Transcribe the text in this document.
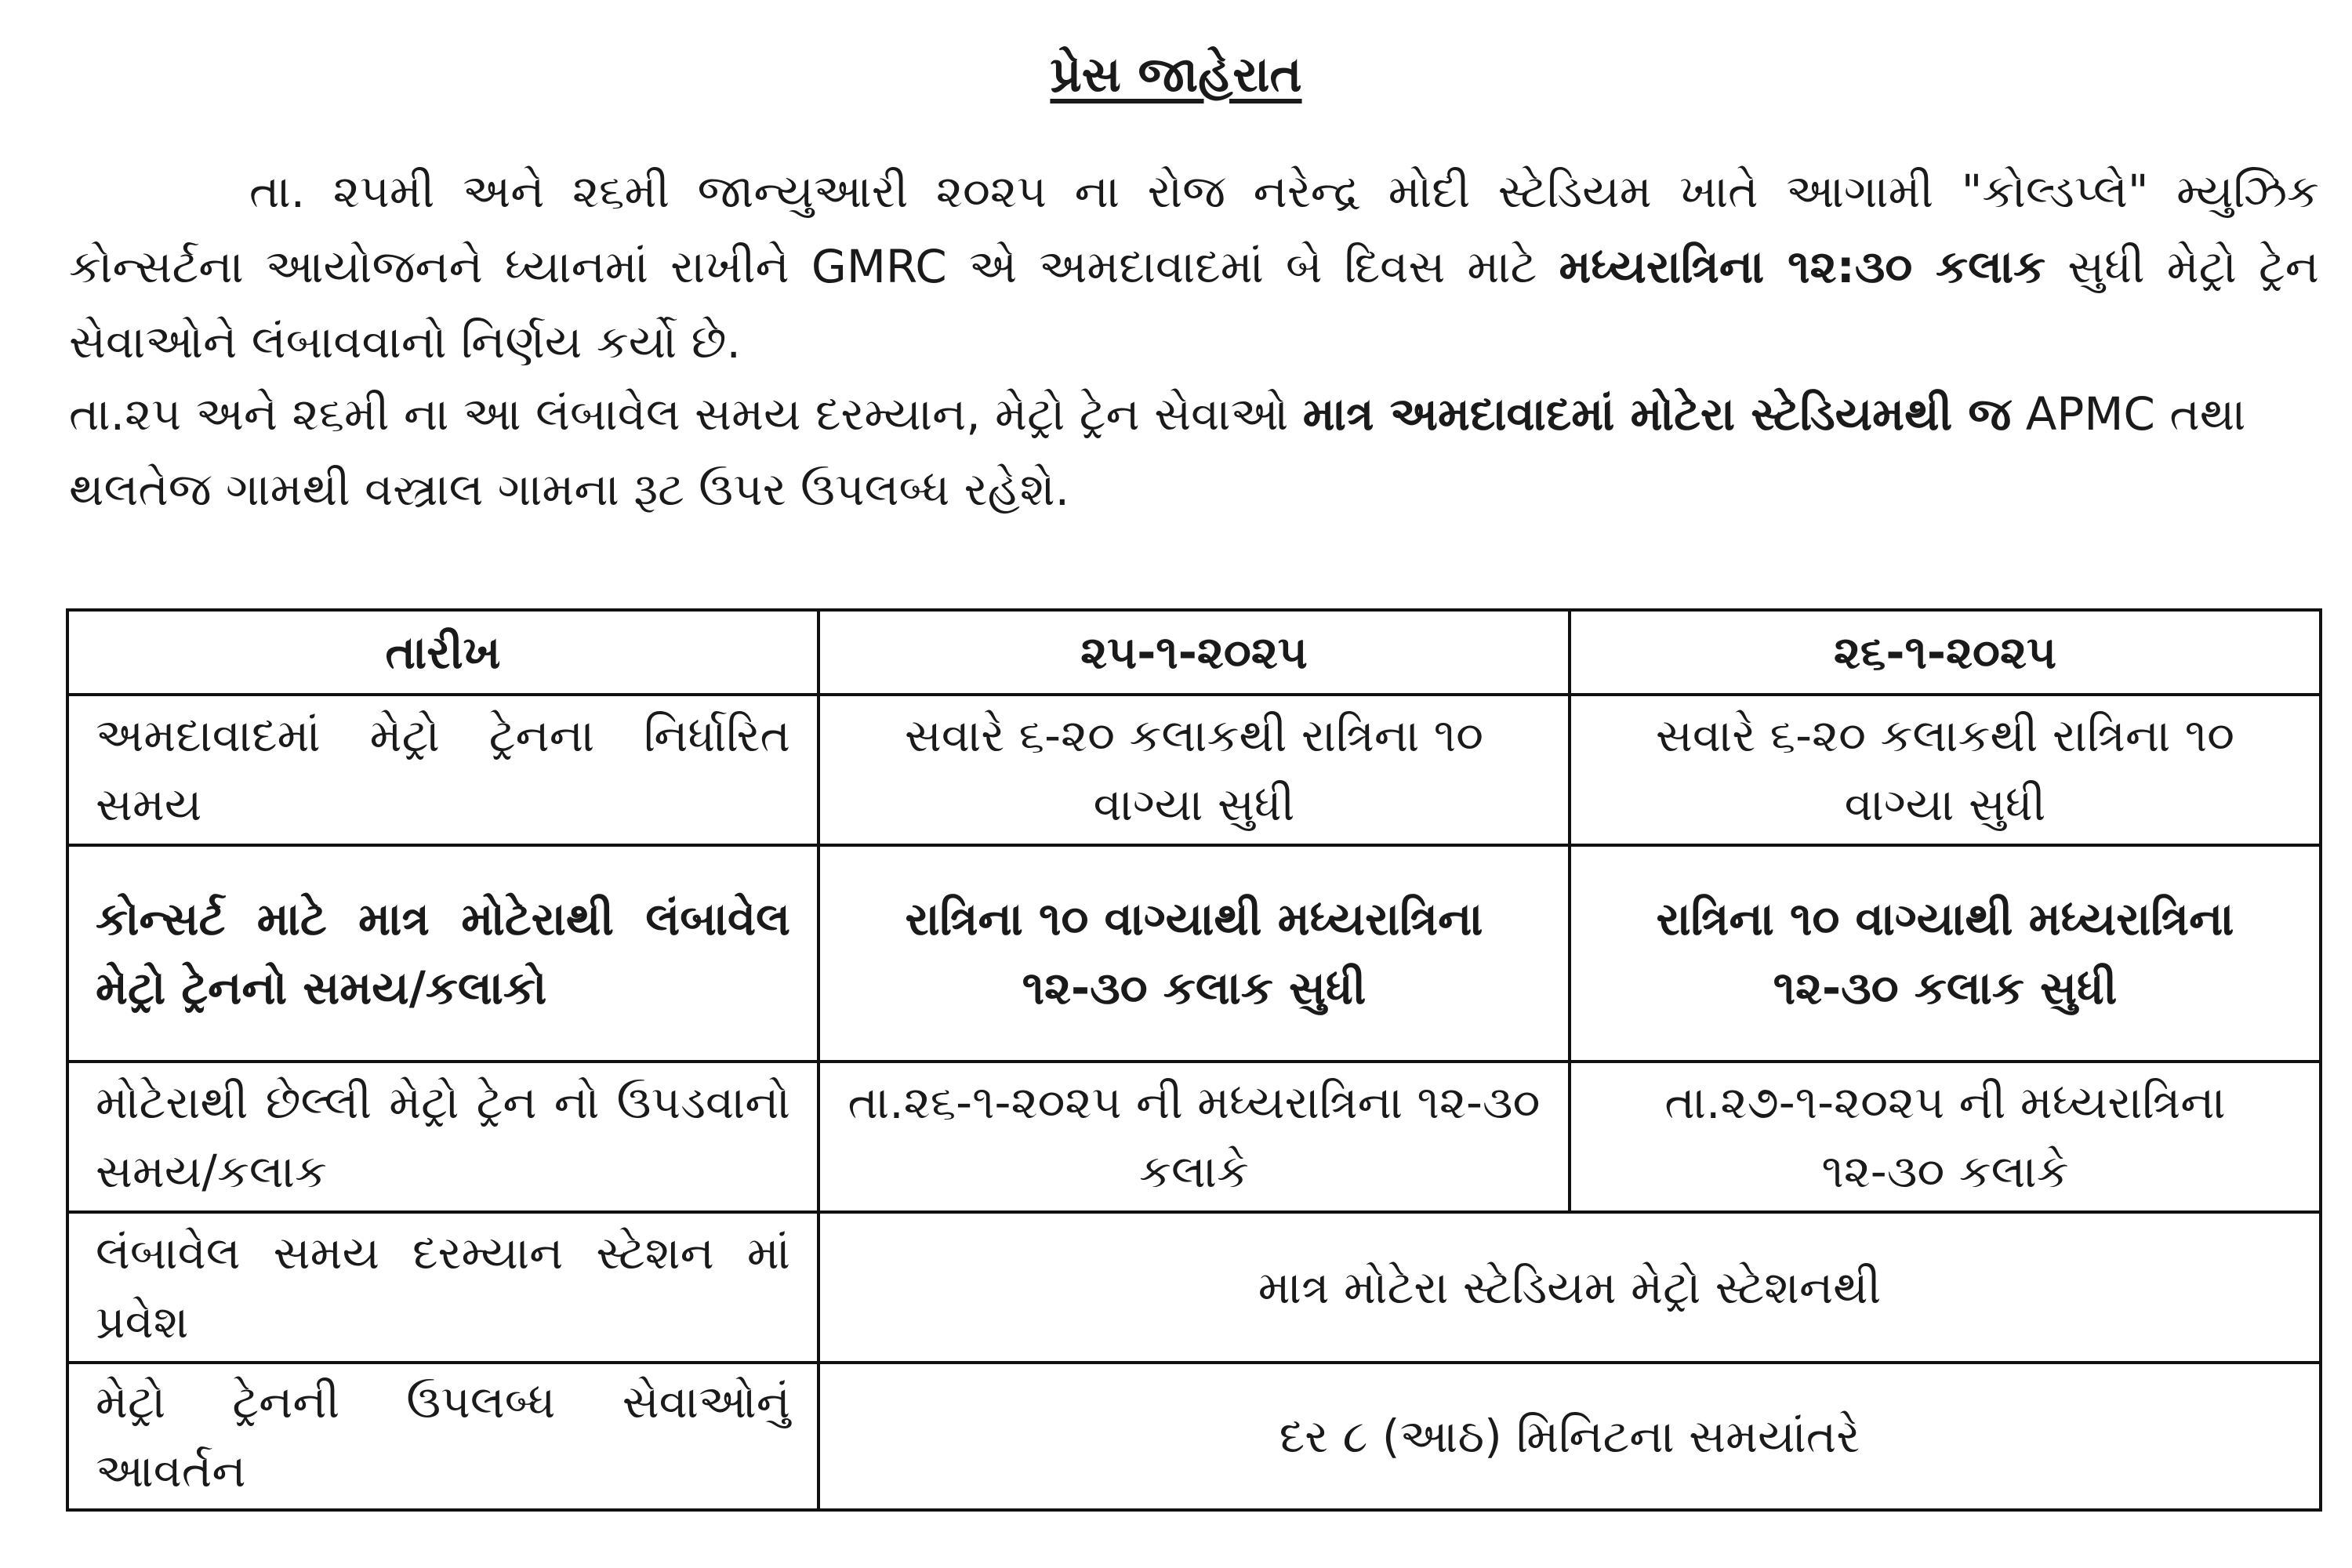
પ્રેસ જાહેરાત
તા. ૨૫મી અને ૨૬મી જાન્યુઆરી ૨૦૨૫ ના રોજ નરેન્દ્ર મોદી સ્ટેડિયમ ખાતે આગામી "કોલ્ડપ્લે" મ્યુઝિક કોન્સર્ટના આયોજનને ધ્યાનમાં રાખીને GMRC એ અમદાવાદમાં બે દિવસ માટે મધ્યરાત્રિના ૧૨:૩૦ કલાક સુધી મેટ્રો ટ્રેન સેવાઓને લંબાવવાનો નિર્ણય કર્યો છે.
તા.૨૫ અને ૨૬મી ના આ લંબાવેલ સમય દરમ્યાન, મેટ્રો ટ્રેન સેવાઓ માત્ર અમદાવાદમાં મોટેરા સ્ટેડિયમથી જ APMC તથા થલતેજ ગામથી વસ્ત્રાલ ગામના રૂટ ઉપર ઉપલબ્ધ રહેશે.
તારીખ	૨૫-૧-૨૦૨૫	૨૬-૧-૨૦૨૫
અમદાવાદમાં મેટ્રો ટ્રેનના નિર્ધારિત સમય	સવારે ૬-૨૦ કલાકથી રાત્રિના ૧૦ વાગ્યા સુધી	સવારે ૬-૨૦ કલાકથી રાત્રિના ૧૦ વાગ્યા સુધી
કોન્સર્ટ માટે માત્ર મોટેરાથી લંબાવેલ મેટ્રો ટ્રેનનો સમય/કલાકો	રાત્રિના ૧૦ વાગ્યાથી મધ્યરાત્રિના ૧૨-૩૦ કલાક સુધી	રાત્રિના ૧૦ વાગ્યાથી મધ્યરાત્રિના ૧૨-૩૦ કલાક સુધી
મોટેરાથી છેલ્લી મેટ્રો ટ્રેન નો ઉપડવાનો સમય/કલાક	તા.૨૬-૧-૨૦૨૫ ની મધ્યરાત્રિના ૧૨-૩૦ કલાકે	તા.૨૭-૧-૨૦૨૫ ની મધ્યરાત્રિના ૧૨-૩૦ કલાકે
લંબાવેલ સમય દરમ્યાન સ્ટેશન માં પ્રવેશ	માત્ર મોટેરા સ્ટેડિયમ મેટ્રો સ્ટેશનથી	
મેટ્રો ટ્રેનની ઉપલબ્ધ સેવાઓનું આવર્તન	દર ૮ (આઠ) મિનિટના સમયાંતરે	
